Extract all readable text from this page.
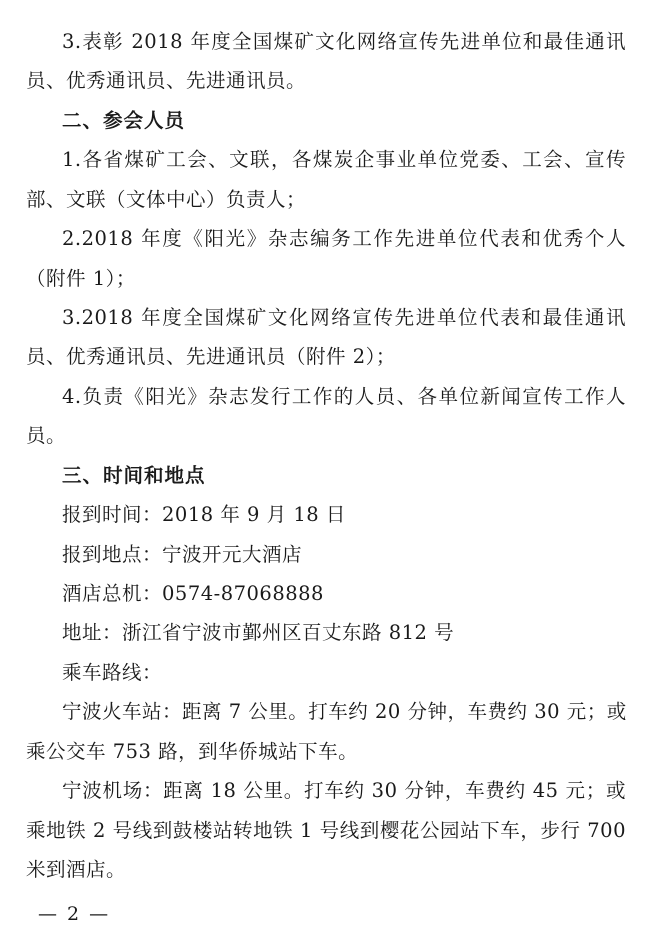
3.表彰 2018 年度全国煤矿文化网络宣传先进单位和最佳通讯
员、优秀通讯员、先进通讯员。
二、参会人员
1.各省煤矿工会、文联，各煤炭企事业单位党委、工会、宣传
部、文联（文体中心）负责人；
2.2018 年度《阳光》杂志编务工作先进单位代表和优秀个人
（附件 1）；
3.2018 年度全国煤矿文化网络宣传先进单位代表和最佳通讯
员、优秀通讯员、先进通讯员（附件 2）；
4.负责《阳光》杂志发行工作的人员、各单位新闻宣传工作人
员。
三、时间和地点
报到时间：2018 年 9 月 18 日
报到地点：宁波开元大酒店
酒店总机：0574-87068888
地址：浙江省宁波市鄞州区百丈东路 812 号
乘车路线：
宁波火车站：距离 7 公里。打车约 20 分钟，车费约 30 元；或
乘公交车 753 路，到华侨城站下车。
宁波机场：距离 18 公里。打车约 30 分钟，车费约 45 元；或
乘地铁 2 号线到鼓楼站转地铁 1 号线到樱花公园站下车，步行 700
米到酒店。
— 2 —
